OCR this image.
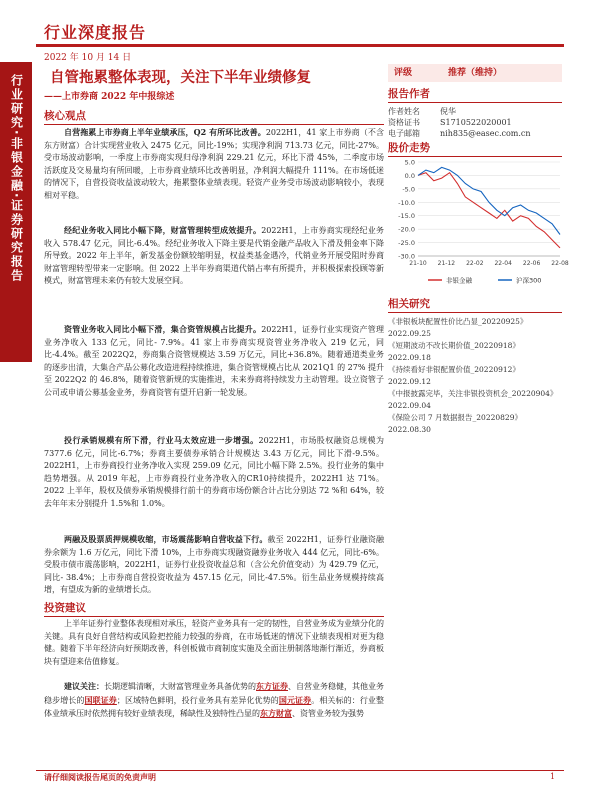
行业深度报告
2022 年 10 月 14 日
行业研究
·
非银金融
·
证券研究报告
自管拖累整体表现，关注下半年业绩修复
——上市券商 2022 年中报综述
核心观点
自营拖累上市券商上半年业绩承压，Q2 有所环比改善。2022H1，41 家上市券商（不含东方财富）合计实现营业收入 2475 亿元，同比-19%；实现净利润 713.73 亿元，同比-27%。受市场波动影响，一季度上市券商实现归母净利润 229.21 亿元，环比下滑 45%，二季度市场活跃度及交易量均有所回暖，上市券商业绩环比改善明显，净利润大幅提升 111%。在市场低迷的情况下，自营投资收益波动较大，拖累整体业绩表现。轻资产业务受市场波动影响较小，表现相对平稳。
经纪业务收入同比小幅下降，财富管理转型成效提升。2022H1，上市券商实现经纪业务收入 578.47 亿元，同比-6.4%。经纪业务收入下降主要是代销金融产品收入下滑及佣金率下降所导致。2022 年上半年，新发基金份额较缩明显，权益类基金遇冷，代销业务开展受阻时券商财富管理转型带来一定影响。但 2022 上半年券商渠道代销占率有所提升，并积极探索投顾等新模式，财富管理未来仍有较大发展空间。
资管业务收入同比小幅下滑，集合资管规模占比提升。2022H1，证券行业实现资产管理业务净收入 133 亿元，同比- 7.9%。41 家上市券商实现资管业务净收入 219 亿元，同比-4.4%。截至 2022Q2，券商集合资管规模达 3.59 万亿元，同比+36.8%。随着通道类业务的逐步出清，大集合产品公募化改造进程持续推进，集合资管规模占比从 2021Q1 的 27% 提升至 2022Q2 的 46.8%，随着资管新规的实施推进，未来券商将持续发力主动管理。设立资管子公司或申请公募基金业务，券商资管有望开启新一轮发展。
投行承销规模有所下滑，行业马太效应进一步增强。2022H1，市场股权融资总规模为 7377.6 亿元，同比-6.7%；券商主要债券承销合计规模达 3.43 万亿元，同比下滑-9.5%。2022H1，上市券商投行业务净收入实现 259.09 亿元，同比小幅下降 2.5%。投行业务的集中趋势增强。从 2019 年起，上市券商投行业务净收入的CR10持续提升，2022H1 达 71%。2022 上半年，股权及债券承销规模排行前十的券商市场份额合计占比分别达 72 %和 64%，较去年年末分别提升 1.5%和 1.0%。
两融及股票质押规模收缩，市场震荡影响自营收益下行。截至 2022H1，证券行业融资融券余额为 1.6 万亿元，同比下滑 10%，上市券商实现融资融券业务收入 444 亿元，同比-6%。受股市债市震荡影响，2022H1，证券行业投资收益总和（含公允价值变动）为 429.79 亿元，同比- 38.4%；上市券商自营投资收益为 457.15 亿元，同比-47.5%。衍生品业务规模持续高增，有望成为新的业绩增长点。
投资建议
上半年证券行业整体表现相对承压，轻资产业务具有一定的韧性，自营业务成为业绩分化的关键。具有良好自营结构或风险把控能力较强的券商，在市场低迷的情况下业绩表现相对更为稳健。随着下半年经济向好预期改善，科创板做市商制度实施及全面注册制落地渐行渐近，券商板块有望迎来估值修复。
建议关注：长期逻辑清晰，大财富管理业务具备优势的东方证券、自营业务稳健，其他业务稳步增长的国联证券；区域特色鲜明，投行业务具有差异化优势的国元证券。相关标的：行业整体业绩承压时依然拥有较好业绩表现，稀缺性及独特性凸显的东方财富、资管业务较为强势
评级	推荐（维持）
报告作者
作者姓名	倪华
资格证书	S1710522020001
电子邮箱	nih835@easec.com.cn
股价走势
5.0
0.0
-5.0
-10.0
-15.0
-20.0
-25.0
-30.0
21-10 21-12 22-02 22-04 22-06 22-08
非银金融	沪深300
相关研究
《非银板块配置性价比凸显_20220925》2022.09.25
《短期波动不改长期价值_20220918》2022.09.18
《持续看好非银配置价值_20220912》2022.09.12
《中报披露完毕，关注非银投资机会_20220904》2022.09.04
《保险公司 7 月数据报告_20220829》2022.08.30
请仔细阅读报告尾页的免责声明	1
